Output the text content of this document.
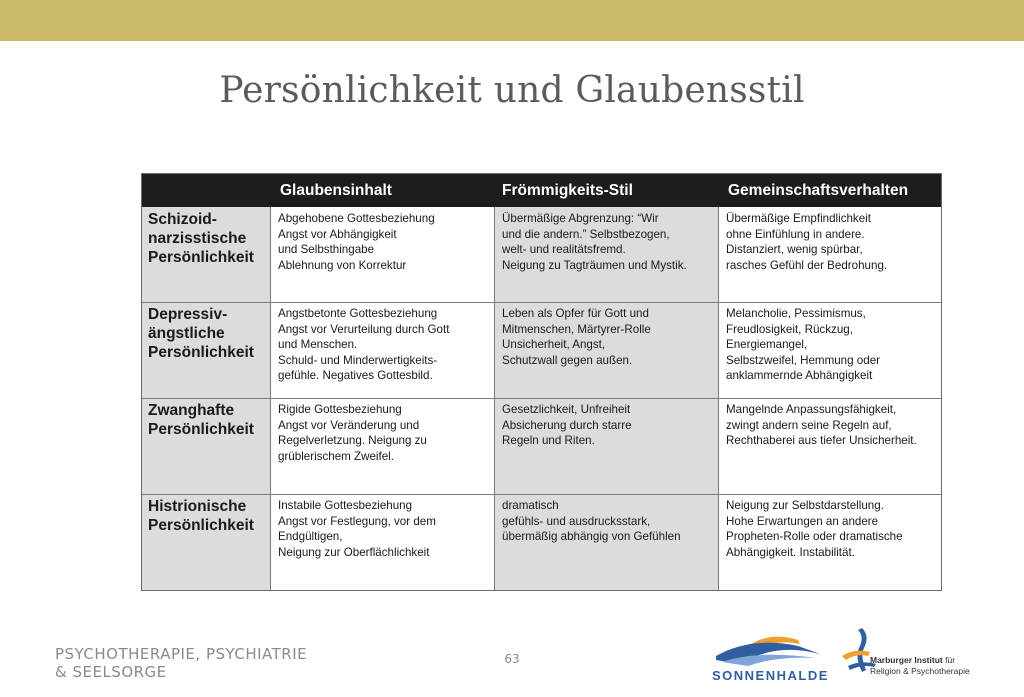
Persönlichkeit und Glaubensstil
Glaubensinhalt	Frömmigkeits-Stil	Gemeinschaftsverhalten
Schizoid-
narzisstische
Persönlichkeit
Abgehobene Gottesbeziehung
Angst vor Abhängigkeit
und Selbsthingabe
Ablehnung von Korrektur
Übermäßige Abgrenzung: “Wir
und die andern.” Selbstbezogen,
welt- und realitätsfremd.
Neigung zu Tagträumen und Mystik.
Übermäßige Empfindlichkeit
ohne Einfühlung in andere.
Distanziert, wenig spürbar,
rasches Gefühl der Bedrohung.
Depressiv-
ängstliche
Persönlichkeit
Angstbetonte Gottesbeziehung
Angst vor Verurteilung durch Gott
und Menschen.
Schuld- und Minderwertigkeits-
gefühle. Negatives Gottesbild.
Leben als Opfer für Gott und
Mitmenschen, Märtyrer-Rolle
Unsicherheit, Angst,
Schutzwall gegen außen.
Melancholie, Pessimismus,
Freudlosigkeit, Rückzug, Energiemangel,
Selbstzweifel, Hemmung oder
anklammernde Abhängigkeit
Zwanghafte
Persönlichkeit
Rigide Gottesbeziehung
Angst vor Veränderung und
Regelverletzung. Neigung zu
grüblerischem Zweifel.
Gesetzlichkeit, Unfreiheit
Absicherung durch starre
Regeln und Riten.
Mangelnde Anpassungsfähigkeit,
zwingt andern seine Regeln auf,
Rechthaberei aus tiefer Unsicherheit.
Histrionische
Persönlichkeit
Instabile Gottesbeziehung
Angst vor Festlegung, vor dem
Endgültigen,
Neigung zur Oberflächlichkeit
dramatisch
gefühls- und ausdrucksstark,
übermäßig abhängig von Gefühlen
Neigung zur Selbstdarstellung.
Hohe Erwartungen an andere
Propheten-Rolle oder dramatische
Abhängigkeit. Instabilität.
PSYCHOTHERAPIE, PSYCHIATRIE
& SEELSORGE
63
SONNENHALDE
Marburger Institut für
Religion & Psychotherapie
